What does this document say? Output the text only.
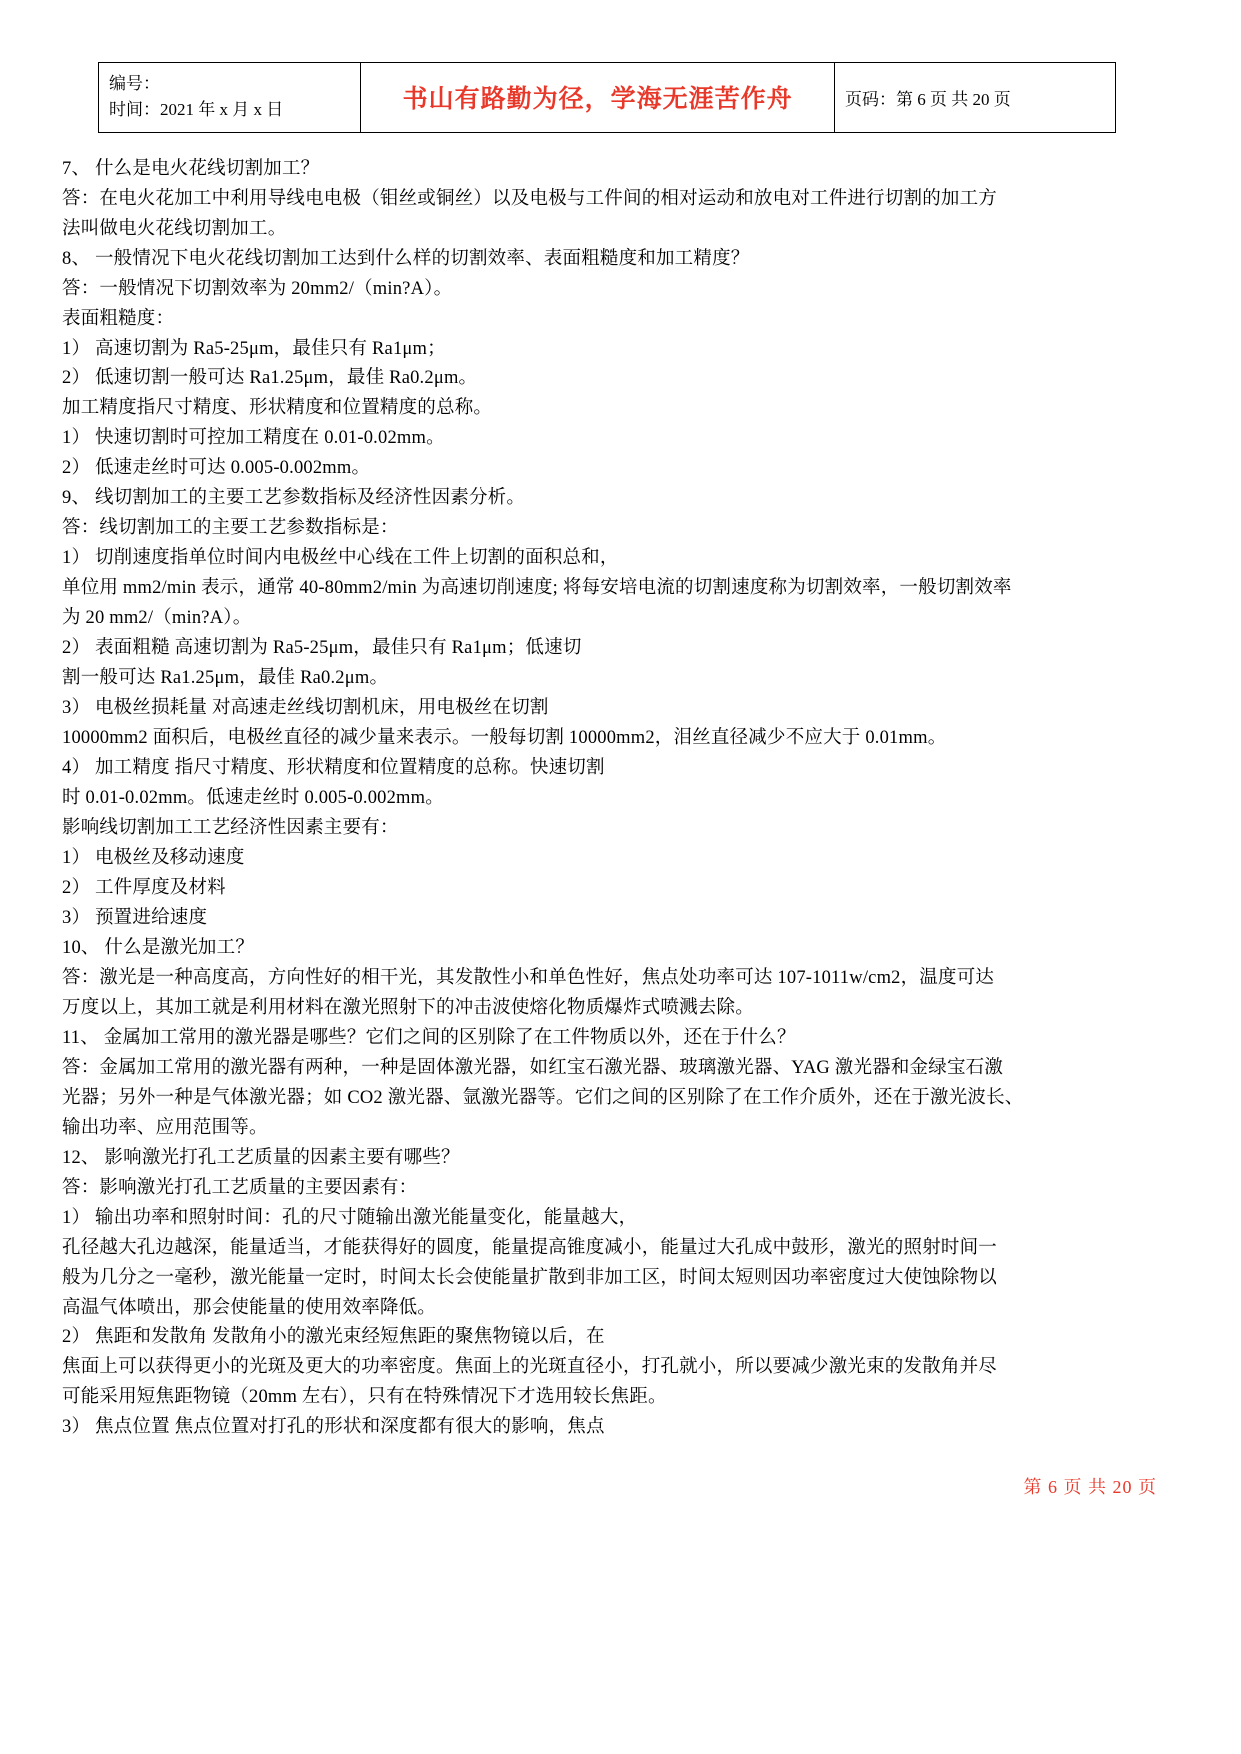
编号：
时间：2021 年 x 月 x 日	书山有路勤为径，学海无涯苦作舟	页码：第 6 页 共 20 页

7、 什么是电火花线切割加工？

答：在电火花加工中利用导线电电极（钼丝或铜丝）以及电极与工件间的相对运动和放电对工件进行切割的加工方

法叫做电火花线切割加工。

8、 一般情况下电火花线切割加工达到什么样的切割效率、表面粗糙度和加工精度？

答：一般情况下切割效率为 20mm2/（min?A）。

表面粗糙度：

1） 高速切割为 Ra5-25μm，最佳只有 Ra1μm；

2） 低速切割一般可达 Ra1.25μm，最佳 Ra0.2μm。

加工精度指尺寸精度、形状精度和位置精度的总称。

1） 快速切割时可控加工精度在 0.01-0.02mm。

2） 低速走丝时可达 0.005-0.002mm。

9、 线切割加工的主要工艺参数指标及经济性因素分析。

答：线切割加工的主要工艺参数指标是：

1） 切削速度指单位时间内电极丝中心线在工件上切割的面积总和，

单位用 mm2/min 表示，通常 40-80mm2/min 为高速切削速度; 将每安培电流的切割速度称为切割效率，一般切割效率

为 20 mm2/（min?A）。

2） 表面粗糙 高速切割为 Ra5-25μm，最佳只有 Ra1μm；低速切

割一般可达 Ra1.25μm，最佳 Ra0.2μm。

3） 电极丝损耗量 对高速走丝线切割机床，用电极丝在切割

10000mm2 面积后，电极丝直径的减少量来表示。一般每切割 10000mm2，泪丝直径减少不应大于 0.01mm。

4） 加工精度 指尺寸精度、形状精度和位置精度的总称。快速切割

时 0.01-0.02mm。低速走丝时 0.005-0.002mm。

影响线切割加工工艺经济性因素主要有：

1） 电极丝及移动速度

2） 工件厚度及材料

3） 预置进给速度

10、 什么是激光加工？

答：激光是一种高度高，方向性好的相干光，其发散性小和单色性好，焦点处功率可达 107-1011w/cm2，温度可达

万度以上，其加工就是利用材料在激光照射下的冲击波使熔化物质爆炸式喷溅去除。

11、 金属加工常用的激光器是哪些？它们之间的区别除了在工件物质以外，还在于什么？

答：金属加工常用的激光器有两种，一种是固体激光器，如红宝石激光器、玻璃激光器、YAG 激光器和金绿宝石激

光器；另外一种是气体激光器；如 CO2 激光器、氩激光器等。它们之间的区别除了在工作介质外，还在于激光波长、

输出功率、应用范围等。

12、 影响激光打孔工艺质量的因素主要有哪些？

答：影响激光打孔工艺质量的主要因素有：

1） 输出功率和照射时间：孔的尺寸随输出激光能量变化，能量越大，

孔径越大孔边越深，能量适当，才能获得好的圆度，能量提高锥度减小，能量过大孔成中鼓形，激光的照射时间一

般为几分之一毫秒，激光能量一定时，时间太长会使能量扩散到非加工区，时间太短则因功率密度过大使蚀除物以

高温气体喷出，那会使能量的使用效率降低。

2） 焦距和发散角 发散角小的激光束经短焦距的聚焦物镜以后，在

焦面上可以获得更小的光斑及更大的功率密度。焦面上的光斑直径小，打孔就小，所以要减少激光束的发散角并尽

可能采用短焦距物镜（20mm 左右），只有在特殊情况下才选用较长焦距。

3） 焦点位置 焦点位置对打孔的形状和深度都有很大的影响，焦点

第 6 页 共 20 页
